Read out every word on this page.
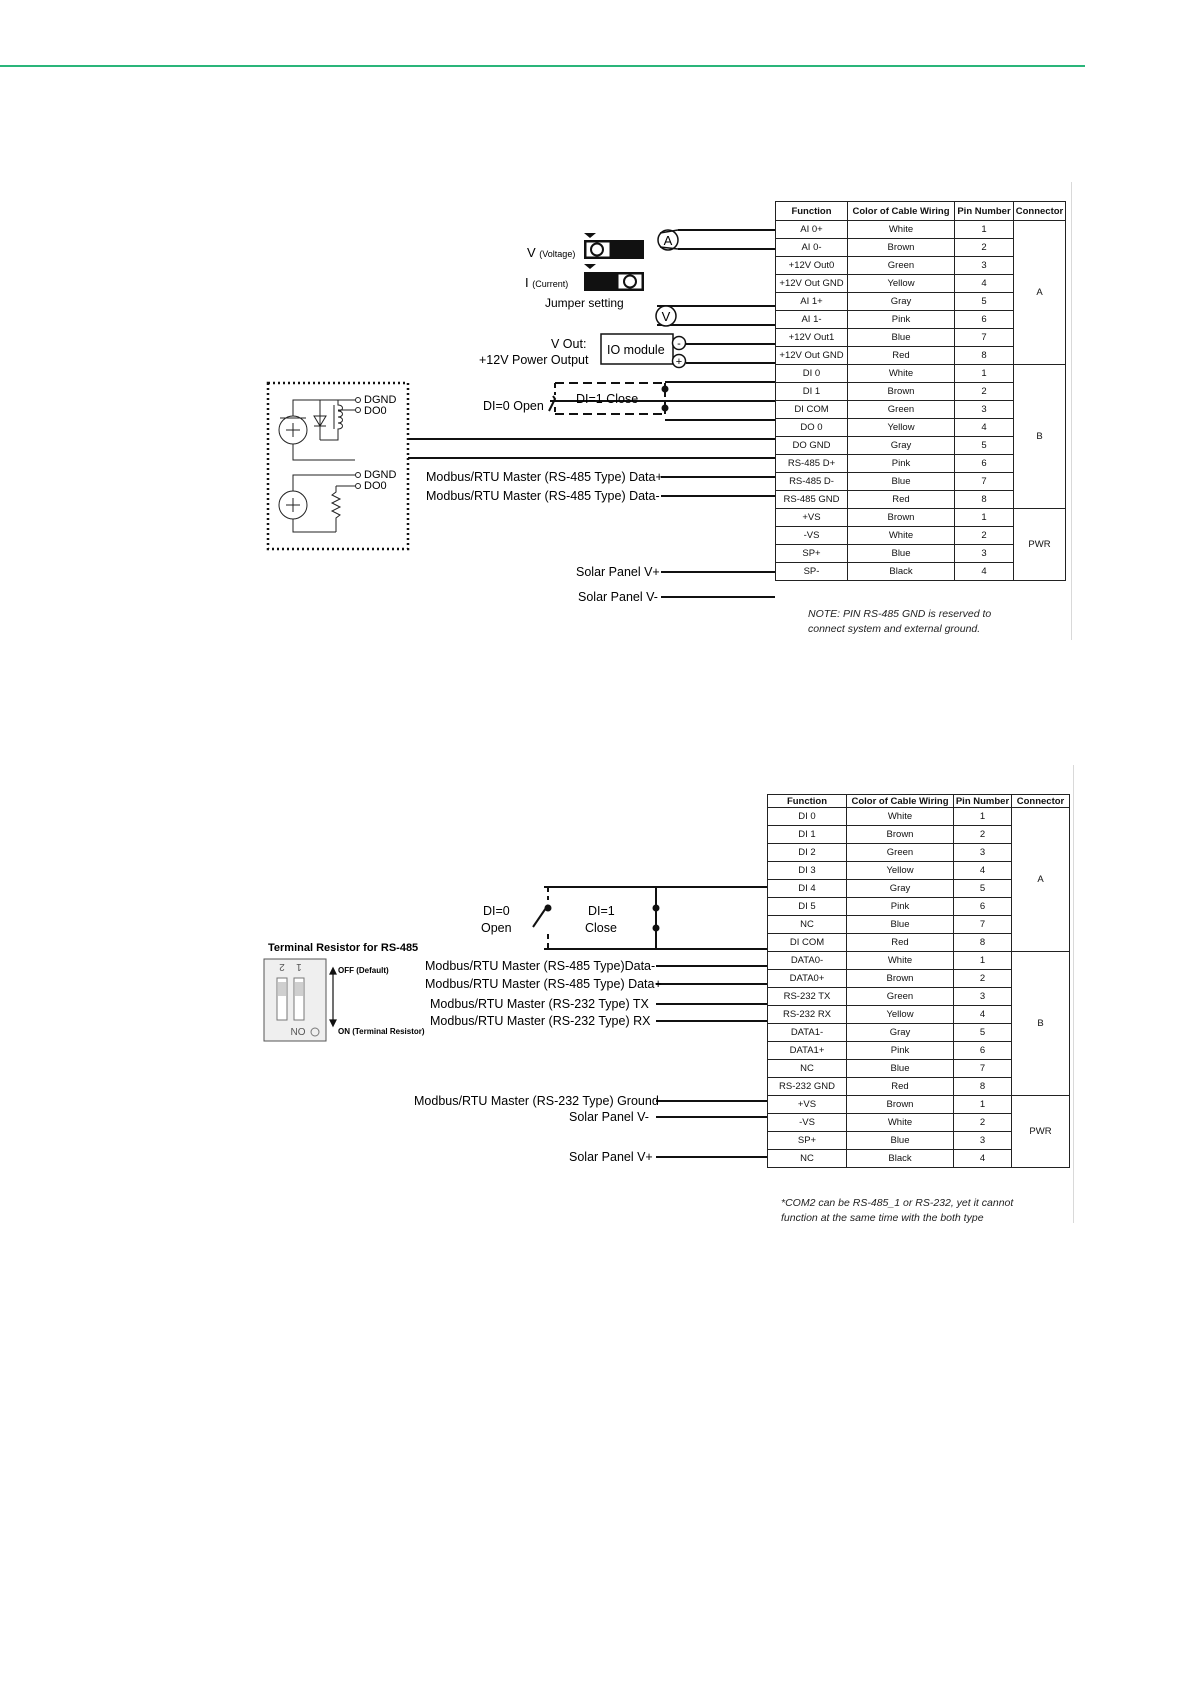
A
V
V (Voltage)
I (Current)
Jumper setting
V Out:
+12V Power Output
IO module -
+
DI=0 Open	DI=1 Close
DGND
DO0
DGND
DO0
Modbus/RTU Master (RS-485 Type) Data+
Modbus/RTU Master (RS-485 Type) Data-
Solar Panel V+
Solar Panel V-
Function	Color of Cable Wiring	Pin Number	Connector
AI 0+	White	1	A
AI 0-	Brown	2	
+12V Out0	Green	3	
+12V Out GND	Yellow	4	
AI 1+	Gray	5	
AI 1-	Pink	6	
+12V Out1	Blue	7	
+12V Out GND	Red	8	
DI 0	White	1	B
DI 1	Brown	2	
DI COM	Green	3	
DO 0	Yellow	4	
DO GND	Gray	5	
RS-485 D+	Pink	6	
RS-485 D-	Blue	7	
RS-485 GND	Red	8	
+VS	Brown	1	PWR
-VS	White	2	
SP+	Blue	3	
SP-	Black	4	
NOTE: PIN RS-485 GND is reserved to
connect system and external ground.
DI=0
Open
DI=1
Close
Terminal Resistor for RS-485
2 1
ON
OFF (Default)
ON (Terminal Resistor)
Modbus/RTU Master (RS-485 Type)Data-
Modbus/RTU Master (RS-485 Type) Data+
Modbus/RTU Master (RS-232 Type) TX
Modbus/RTU Master (RS-232 Type) RX
Modbus/RTU Master (RS-232 Type) Ground
Solar Panel V-
Solar Panel V+
Function	Color of Cable Wiring	Pin Number	Connector
DI 0	White	1	A
DI 1	Brown	2	
DI 2	Green	3	
DI 3	Yellow	4	
DI 4	Gray	5	
DI 5	Pink	6	
NC	Blue	7	
DI COM	Red	8	
DATA0-	White	1	B
DATA0+	Brown	2	
RS-232 TX	Green	3	
RS-232 RX	Yellow	4	
DATA1-	Gray	5	
DATA1+	Pink	6	
NC	Blue	7	
RS-232 GND	Red	8	
+VS	Brown	1	PWR
-VS	White	2	
SP+	Blue	3	
NC	Black	4	
*COM2 can be RS-485_1 or RS-232, yet it cannot
function at the same time with the both type
